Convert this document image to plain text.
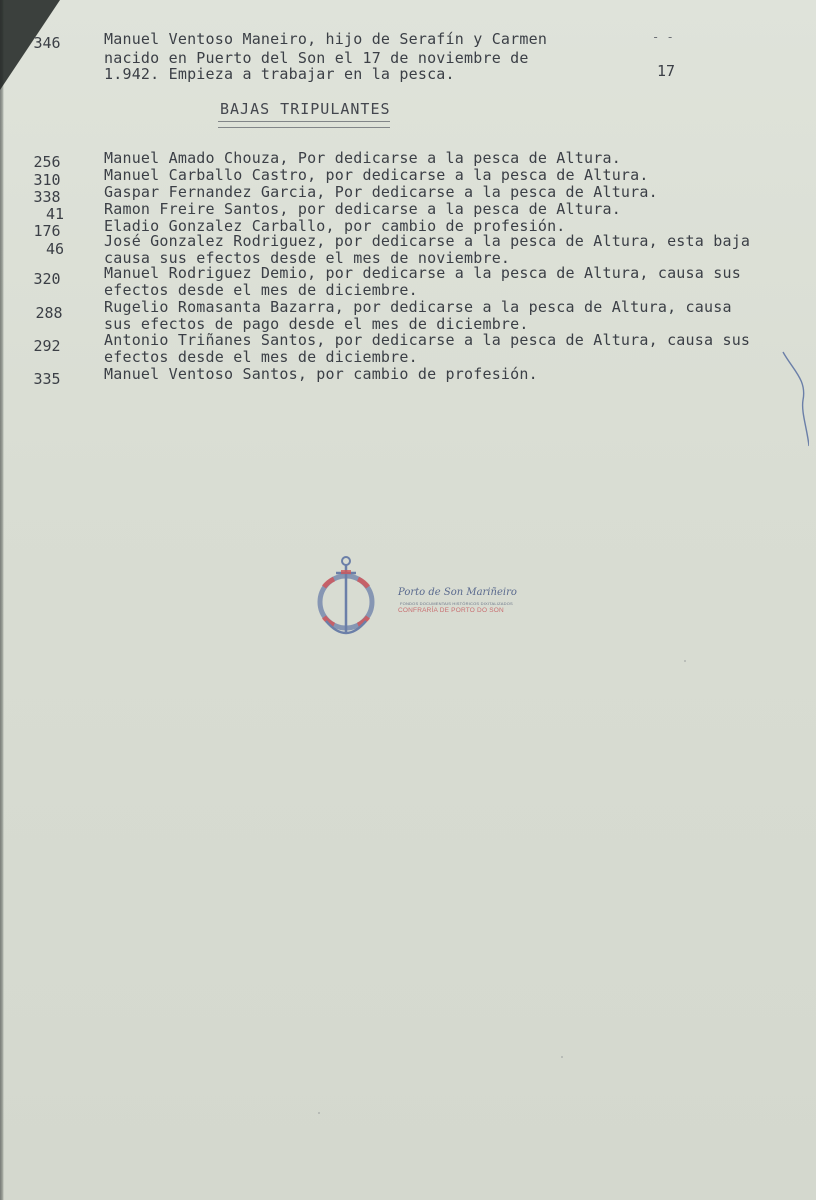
346	Manuel Ventoso Maneiro, hijo de Serafín y Carmen
nacido en Puerto del Son el 17 de noviembre de
1.942. Empieza a trabajar en la pesca.
- -
17
BAJAS TRIPULANTES
256	Manuel Amado Chouza, Por dedicarse a la pesca de Altura.
310	Manuel Carballo Castro, por dedicarse a la pesca de Altura.
338	Gaspar Fernandez Garcia, Por dedicarse a la pesca de Altura.
41	Ramon Freire Santos, por dedicarse a la pesca de Altura.
176	Eladio Gonzalez Carballo, por cambio de profesión.
46	José Gonzalez Rodriguez, por dedicarse a la pesca de Altura, esta baja
causa sus efectos desde el mes de noviembre.
320	Manuel Rodriguez Demio, por dedicarse a la pesca de Altura, causa sus
efectos desde el mes de diciembre.
288	Rugelio Romasanta Bazarra, por dedicarse a la pesca de Altura, causa
sus efectos de pago desde el mes de diciembre.
292	Antonio Triñanes Santos, por dedicarse a la pesca de Altura, causa sus
efectos desde el mes de diciembre.
335	Manuel Ventoso Santos, por cambio de profesión.
Porto de Son Mariñeiro
FONDOS DOCUMENTAIS HISTÓRICOS DIXITALIZADOS
CONFRARÍA DE PORTO DO SON
